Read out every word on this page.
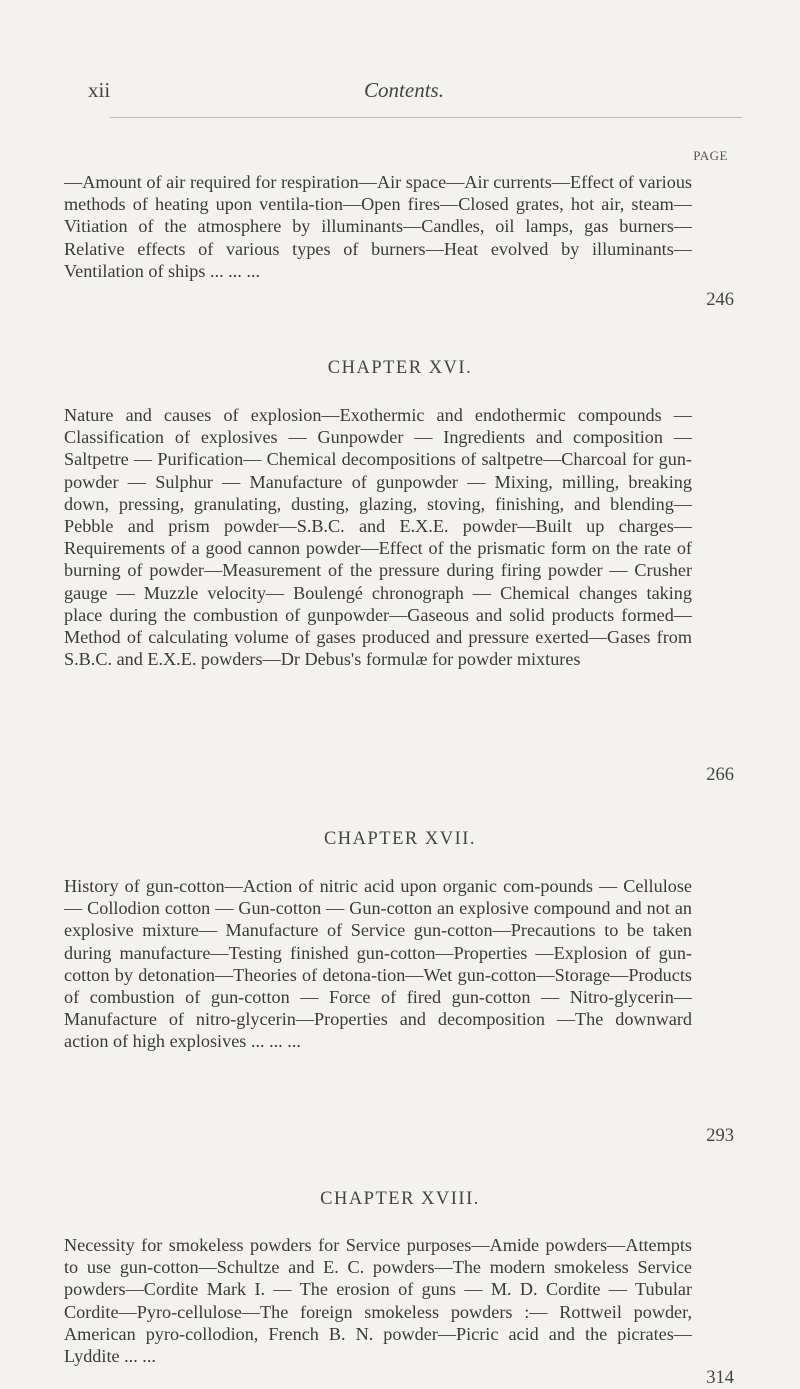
xii	Contents.
PAGE
—Amount of air required for respiration—Air space—Air currents—Effect of various methods of heating upon ventila-tion—Open fires—Closed grates, hot air, steam—Vitiation of the atmosphere by illuminants—Candles, oil lamps, gas burners—Relative effects of various types of burners—Heat evolved by illuminants—Ventilation of ships ... ... ...
246
CHAPTER XVI.
Nature and causes of explosion—Exothermic and endothermic compounds — Classification of explosives — Gunpowder — Ingredients and composition — Saltpetre — Purification— Chemical decompositions of saltpetre—Charcoal for gun-powder — Sulphur — Manufacture of gunpowder — Mixing, milling, breaking down, pressing, granulating, dusting, glazing, stoving, finishing, and blending—Pebble and prism powder—S.B.C. and E.X.E. powder—Built up charges—Requirements of a good cannon powder—Effect of the prismatic form on the rate of burning of powder—Measurement of the pressure during firing powder — Crusher gauge — Muzzle velocity— Boulengé chronograph — Chemical changes taking place during the combustion of gunpowder—Gaseous and solid products formed—Method of calculating volume of gases produced and pressure exerted—Gases from S.B.C. and E.X.E. powders—Dr Debus's formulæ for powder mixtures
266
CHAPTER XVII.
History of gun-cotton—Action of nitric acid upon organic com-pounds — Cellulose — Collodion cotton — Gun-cotton — Gun-cotton an explosive compound and not an explosive mixture— Manufacture of Service gun-cotton—Precautions to be taken during manufacture—Testing finished gun-cotton—Properties —Explosion of gun-cotton by detonation—Theories of detona-tion—Wet gun-cotton—Storage—Products of combustion of gun-cotton — Force of fired gun-cotton — Nitro-glycerin— Manufacture of nitro-glycerin—Properties and decomposition —The downward action of high explosives ... ... ...
293
CHAPTER XVIII.
Necessity for smokeless powders for Service purposes—Amide powders—Attempts to use gun-cotton—Schultze and E. C. powders—The modern smokeless Service powders—Cordite Mark I. — The erosion of guns — M. D. Cordite — Tubular Cordite—Pyro-cellulose—The foreign smokeless powders :— Rottweil powder, American pyro-collodion, French B. N. powder—Picric acid and the picrates—Lyddite ... ...
314
